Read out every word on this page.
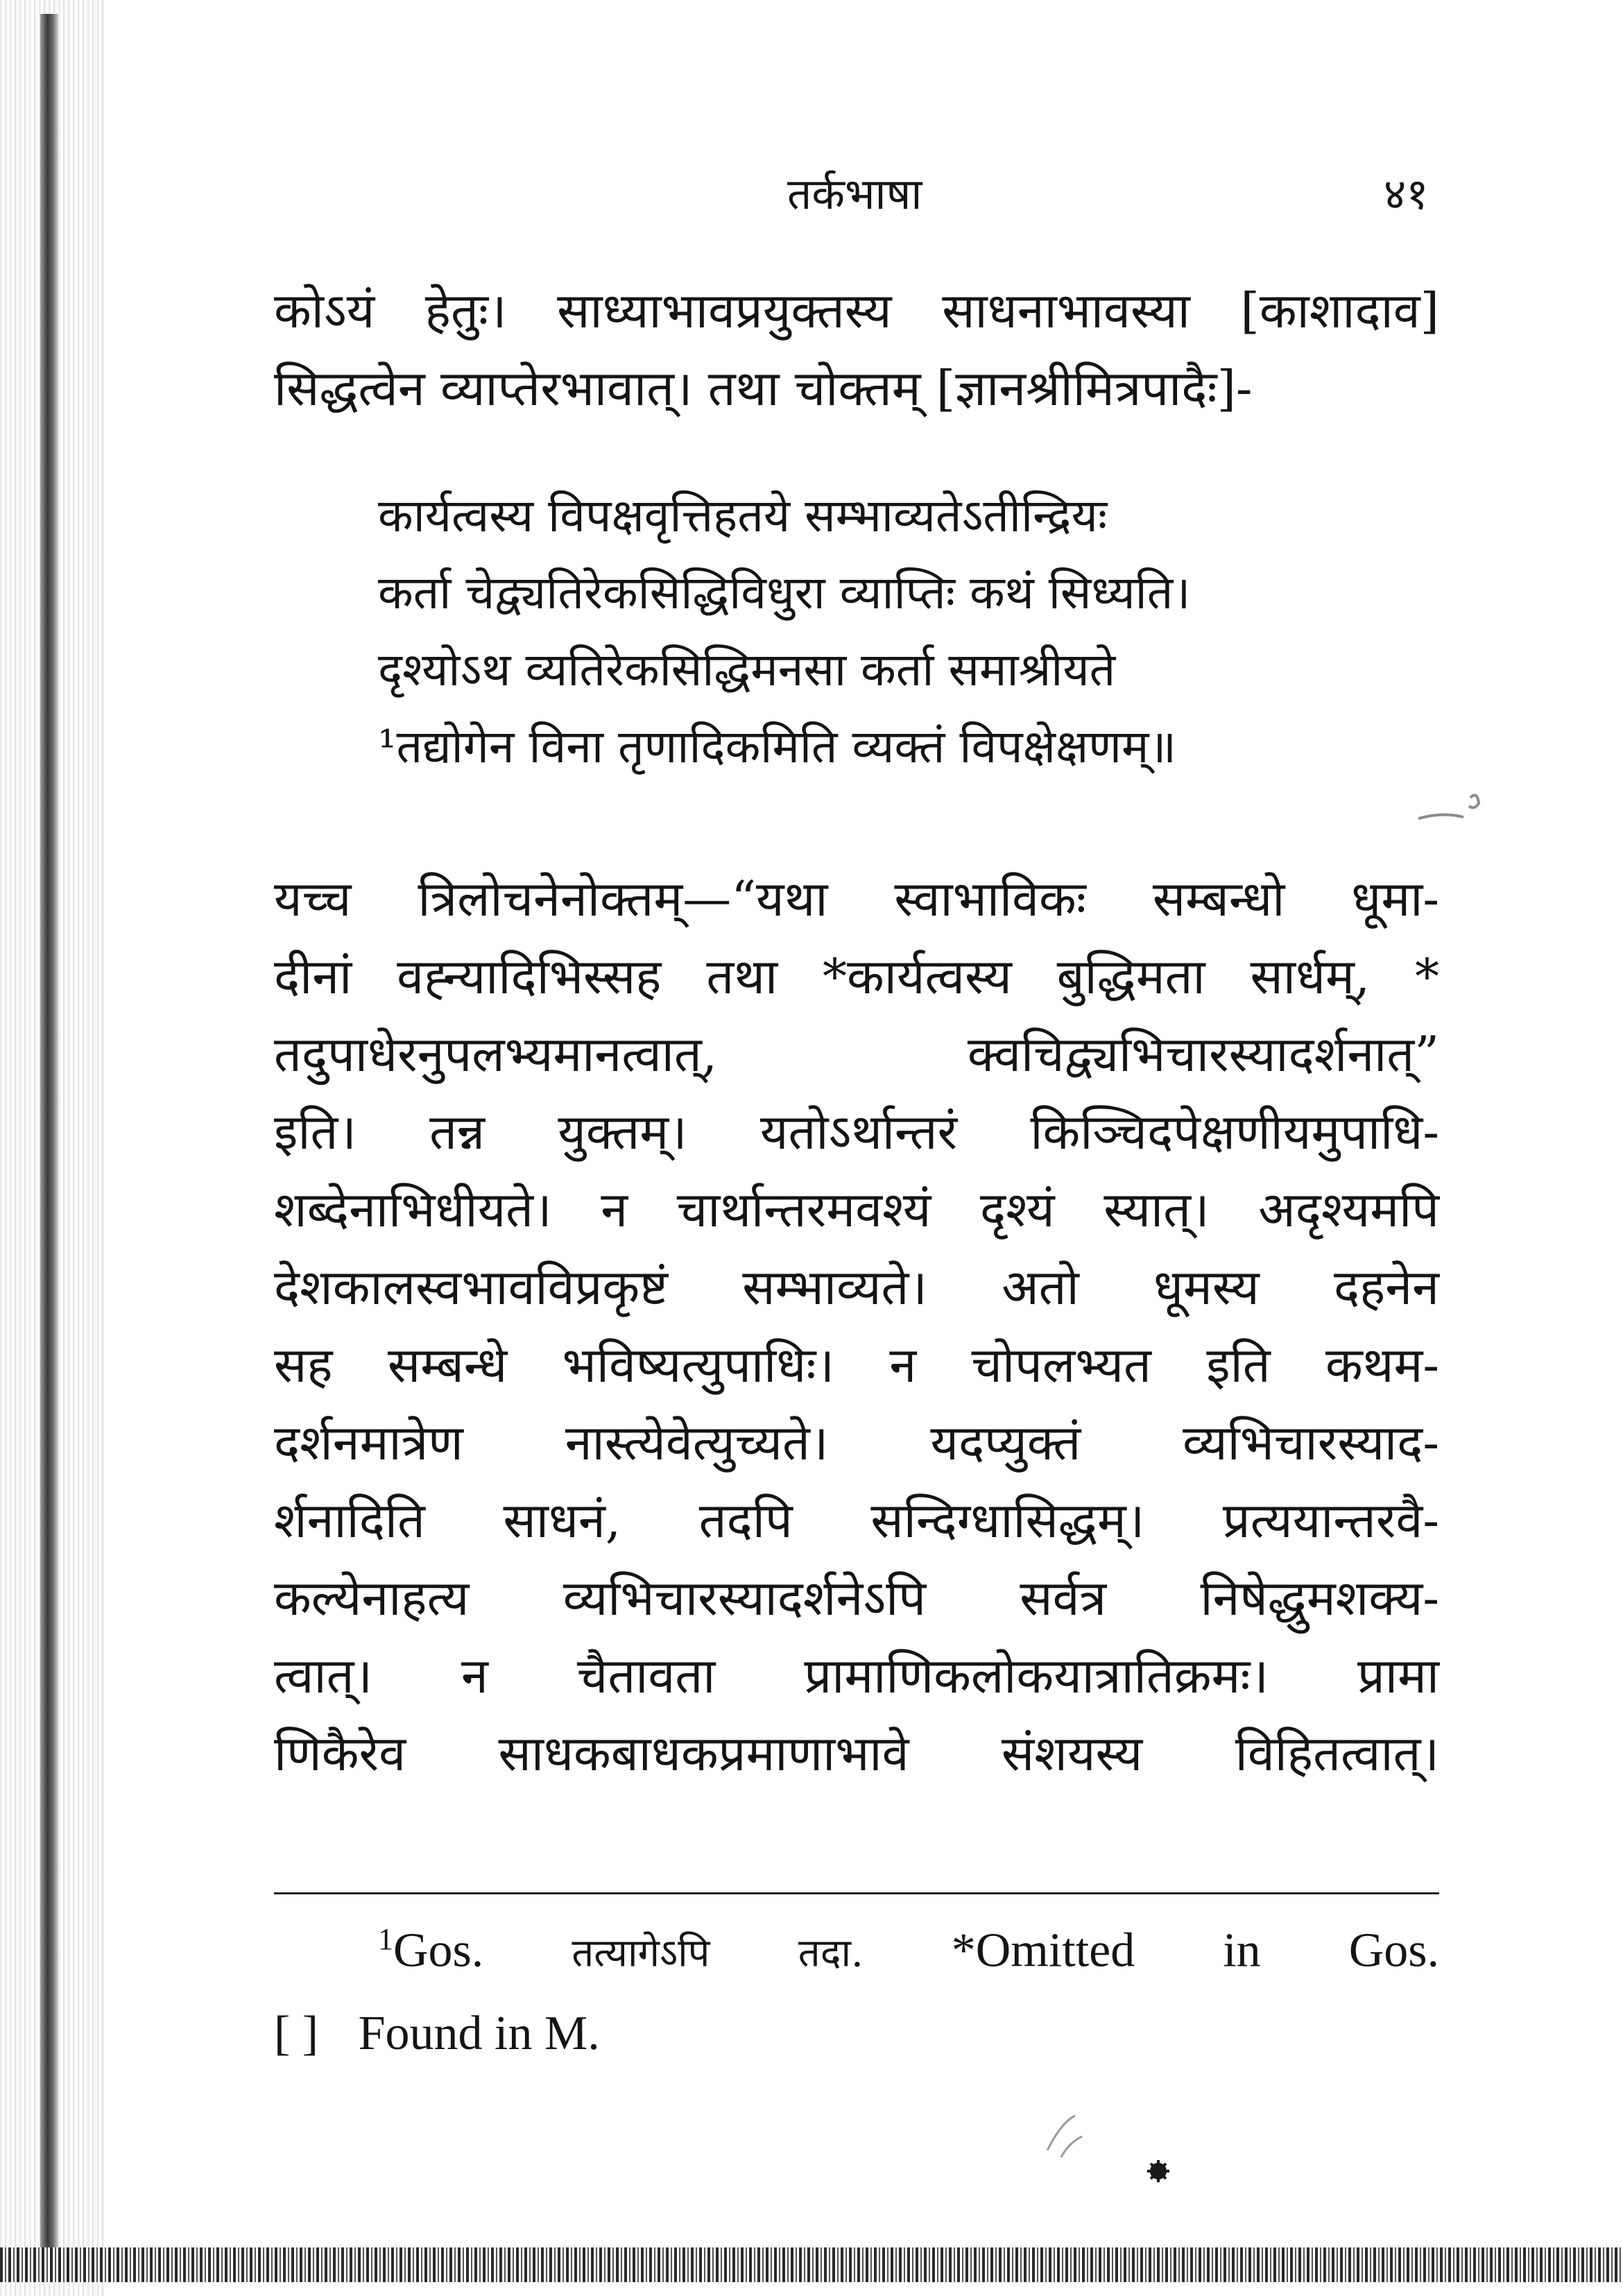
तर्कभाषा	४१
कोऽयं हेतुः। साध्याभावप्रयुक्तस्य साधनाभावस्या [काशादाव]
सिद्धत्वेन व्याप्तेरभावात्। तथा चोक्तम् [ज्ञानश्रीमित्रपादैः]-
कार्यत्वस्य विपक्षवृत्तिहतये सम्भाव्यतेऽतीन्द्रियः
कर्ता चेद्व्यतिरेकसिद्धिविधुरा व्याप्तिः कथं सिध्यति।
दृश्योऽथ व्यतिरेकसिद्धिमनसा कर्ता समाश्रीयते
¹तद्योगेन विना तृणादिकमिति व्यक्तं विपक्षेक्षणम्॥
यच्च त्रिलोचनेनोक्तम्—“यथा स्वाभाविकः सम्बन्धो धूमा-
दीनां वह्न्यादिभिस्सह तथा *कार्यत्वस्य बुद्धिमता सार्धम्, *
तदुपाधेरनुपलभ्यमानत्वात्, क्वचिद्व्यभिचारस्यादर्शनात्”
इति। तन्न युक्तम्। यतोऽर्थान्तरं किञ्चिदपेक्षणीयमुपाधि-
शब्देनाभिधीयते। न चार्थान्तरमवश्यं दृश्यं स्यात्। अदृश्यमपि
देशकालस्वभावविप्रकृष्टं सम्भाव्यते। अतो धूमस्य दहनेन
सह सम्बन्धे भविष्यत्युपाधिः। न चोपलभ्यत इति कथम-
दर्शनमात्रेण नास्त्येवेत्युच्यते। यदप्युक्तं व्यभिचारस्याद-
र्शनादिति साधनं, तदपि सन्दिग्धासिद्धम्। प्रत्ययान्तरवै-
कल्येनाहत्य व्यभिचारस्यादर्शनेऽपि सर्वत्र निषेद्धुमशक्य-
त्वात्। न चैतावता प्रामाणिकलोकयात्रातिक्रमः। प्रामा
णिकैरेव साधकबाधकप्रमाणाभावे संशयस्य विहितत्वात्।
$^1$Gos. तत्यागेऽपि तदा. *Omitted in Gos.
[ ] Found in M.
